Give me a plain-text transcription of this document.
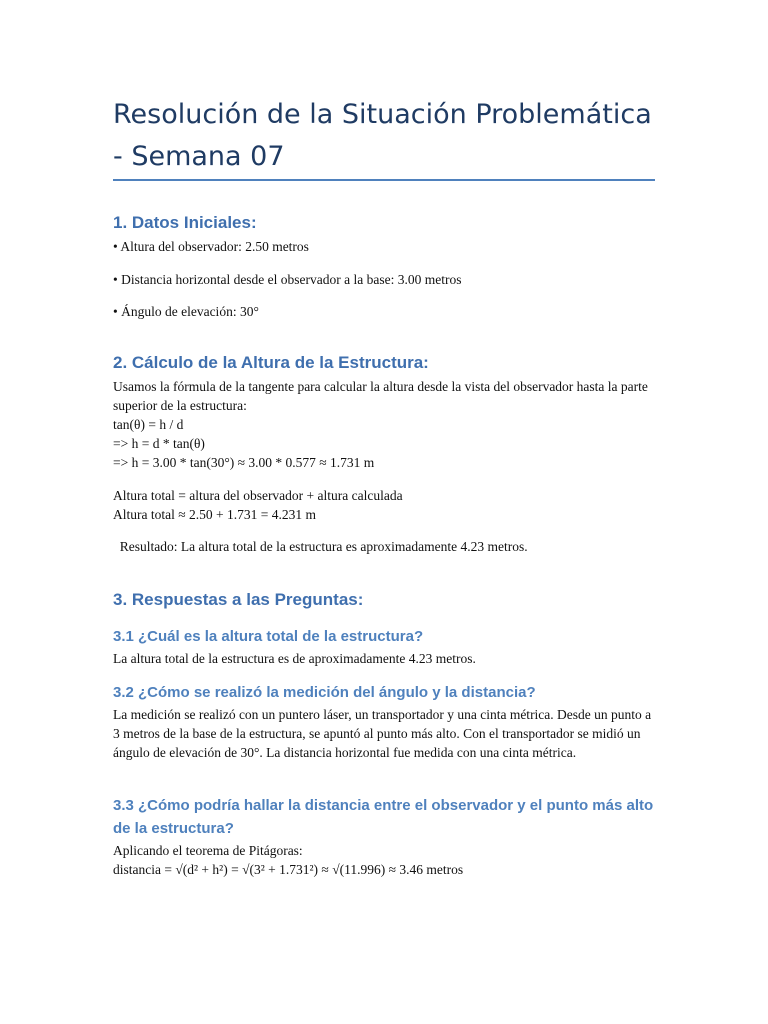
Resolución de la Situación Problemática - Semana 07
1. Datos Iniciales:

• Altura del observador: 2.50 metros

• Distancia horizontal desde el observador a la base: 3.00 metros

• Ángulo de elevación: 30°

2. Cálculo de la Altura de la Estructura:

Usamos la fórmula de la tangente para calcular la altura desde la vista del observador hasta la parte superior de la estructura:

tan(θ) = h / d

=> h = d * tan(θ)

=> h = 3.00 * tan(30°) ≈ 3.00 * 0.577 ≈ 1.731 m

Altura total = altura del observador + altura calculada

Altura total ≈ 2.50 + 1.731 = 4.231 m

Resultado: La altura total de la estructura es aproximadamente 4.23 metros.

3. Respuestas a las Preguntas:
3.1 ¿Cuál es la altura total de la estructura?

La altura total de la estructura es de aproximadamente 4.23 metros.

3.2 ¿Cómo se realizó la medición del ángulo y la distancia?

La medición se realizó con un puntero láser, un transportador y una cinta métrica. Desde un punto a 3 metros de la base de la estructura, se apuntó al punto más alto. Con el transportador se midió un ángulo de elevación de 30°. La distancia horizontal fue medida con una cinta métrica.

3.3 ¿Cómo podría hallar la distancia entre el observador y el punto más alto de la estructura?

Aplicando el teorema de Pitágoras:

distancia = √(d² + h²) = √(3² + 1.731²) ≈ √(11.996) ≈ 3.46 metros
